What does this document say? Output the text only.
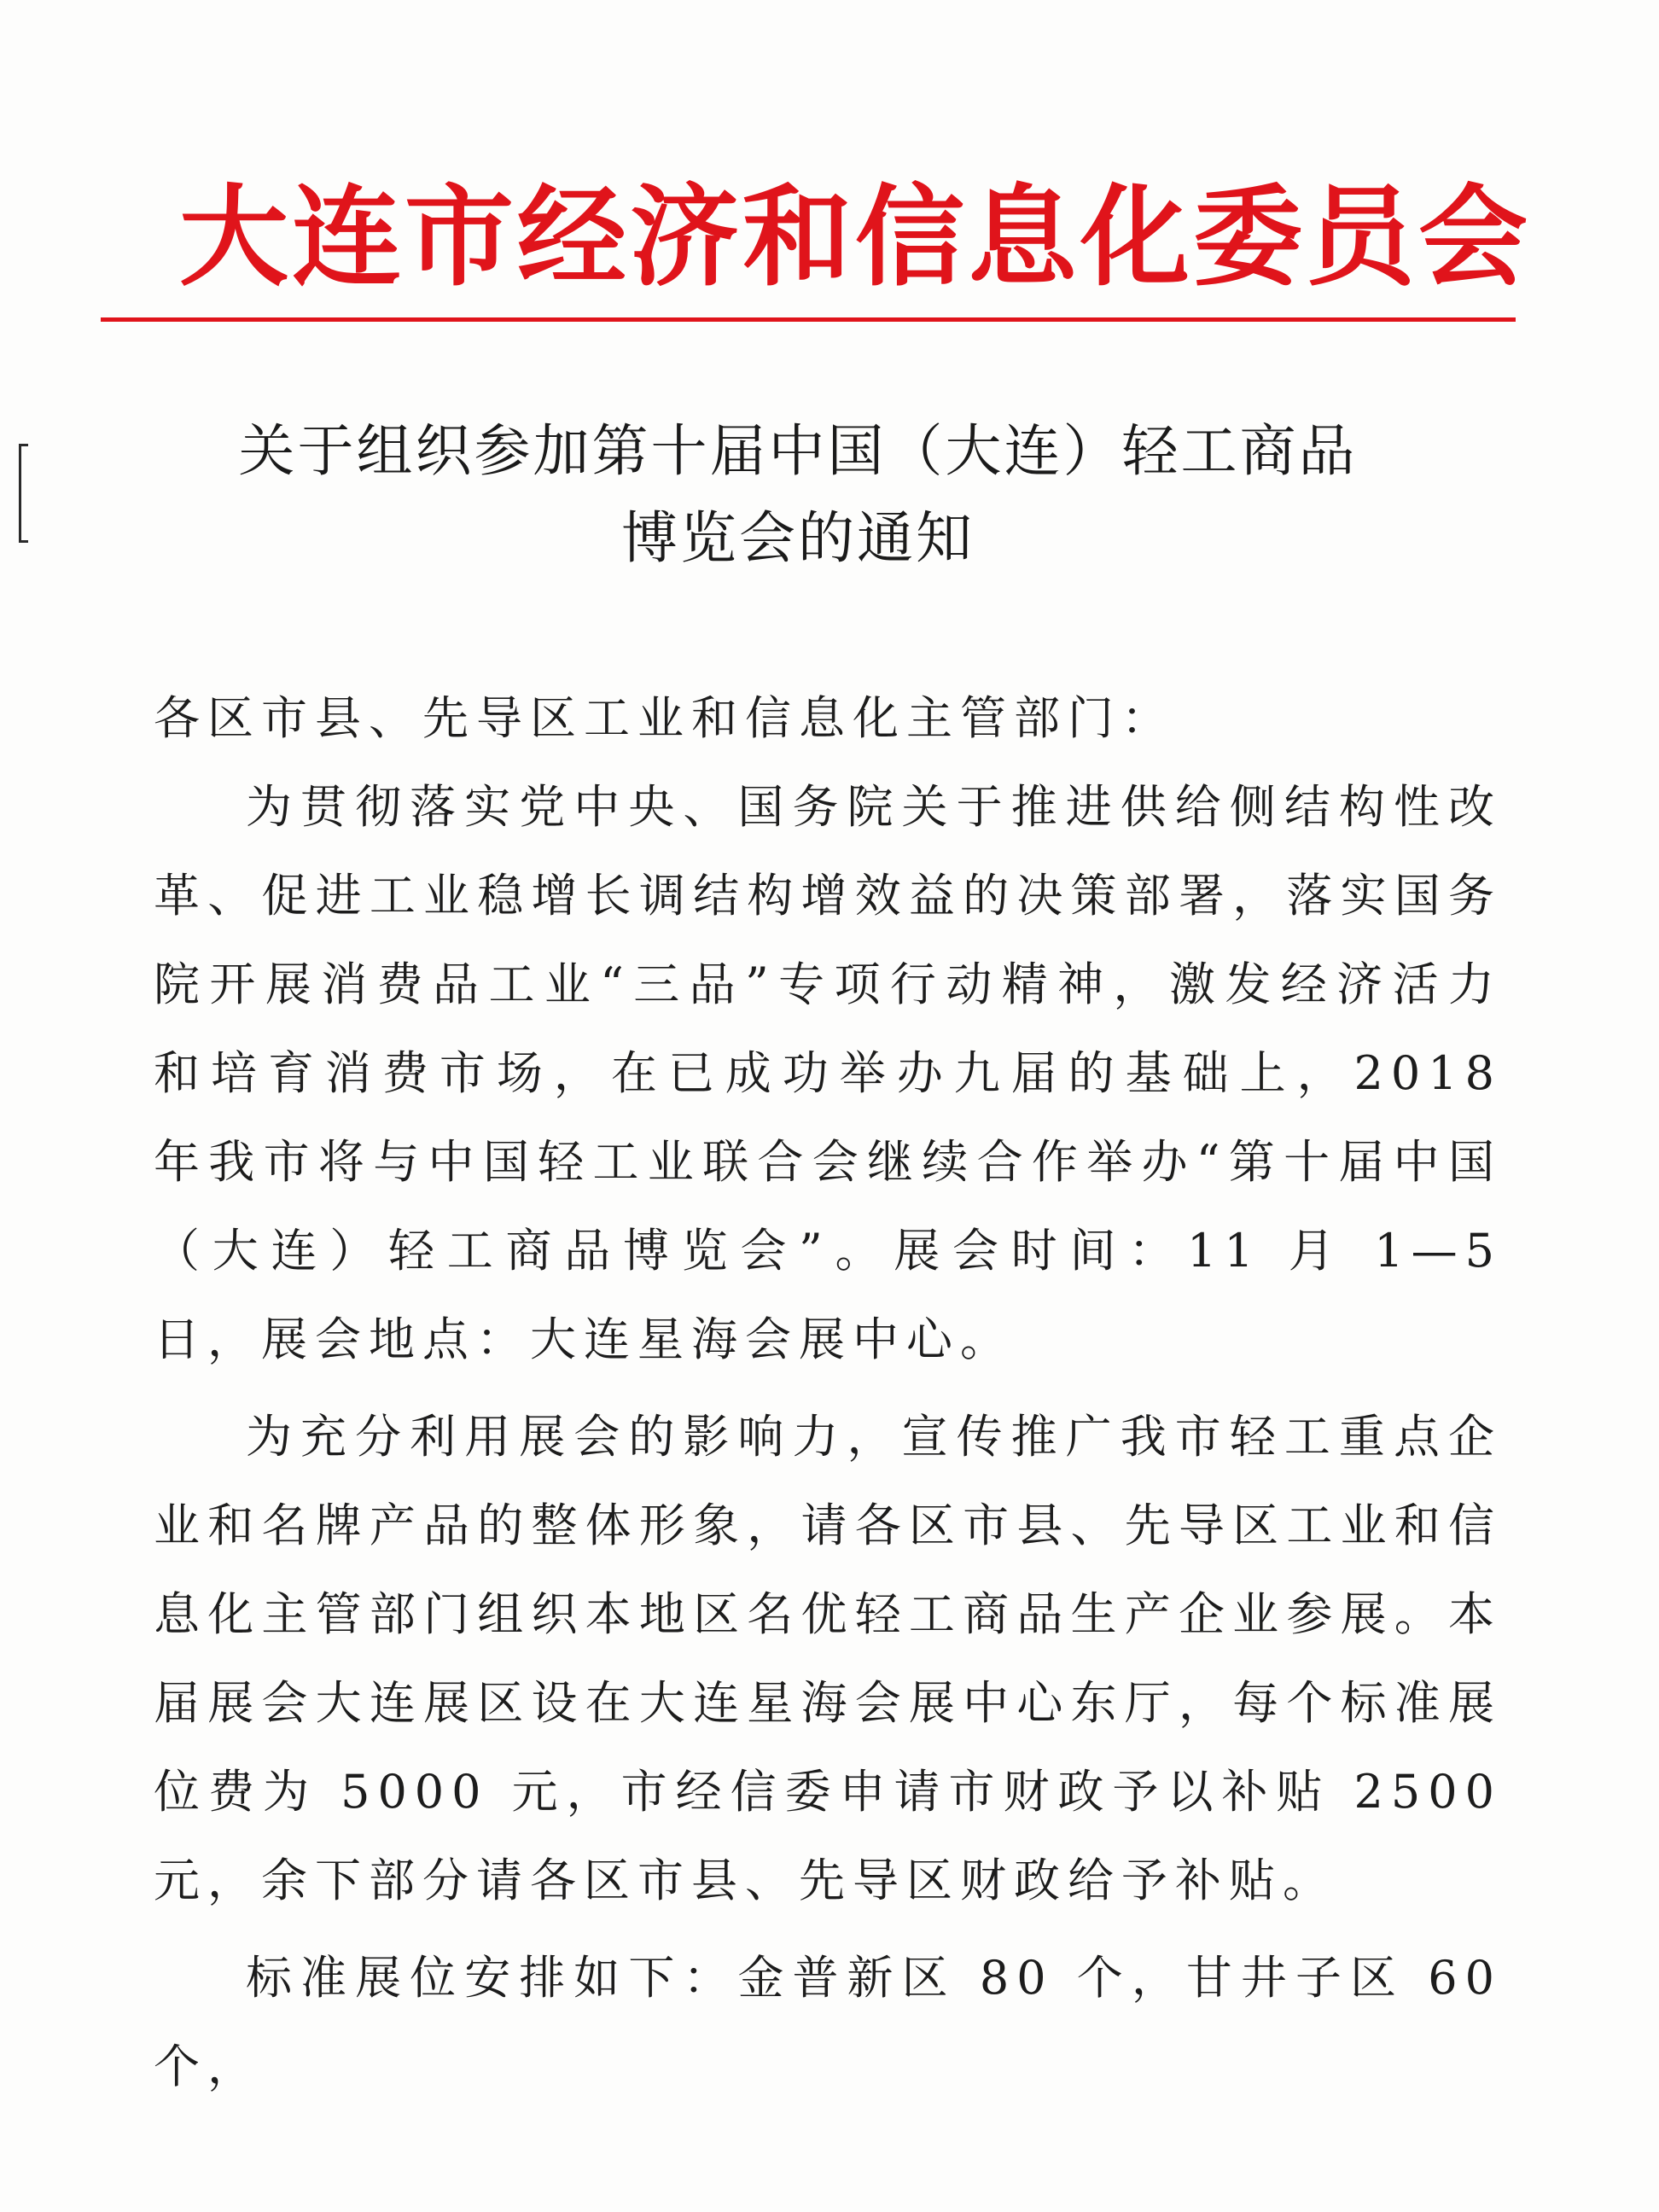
大连市经济和信息化委员会
关于组织参加第十届中国（大连）轻工商品
博览会的通知

各区市县、先导区工业和信息化主管部门：

为贯彻落实党中央、国务院关于推进供给侧结构性改革、促进工业稳增长调结构增效益的决策部署，落实国务院开展消费品工业“三品”专项行动精神，激发经济活力和培育消费市场，在已成功举办九届的基础上，2018 年我市将与中国轻工业联合会继续合作举办“第十届中国（大连）轻工商品博览会”。展会时间：11 月 1—5 日，展会地点：大连星海会展中心。

为充分利用展会的影响力，宣传推广我市轻工重点企业和名牌产品的整体形象，请各区市县、先导区工业和信息化主管部门组织本地区名优轻工商品生产企业参展。本届展会大连展区设在大连星海会展中心东厅，每个标准展位费为 5000 元，市经信委申请市财政予以补贴 2500 元，余下部分请各区市县、先导区财政给予补贴。

标准展位安排如下：金普新区 80 个，甘井子区 60 个，
